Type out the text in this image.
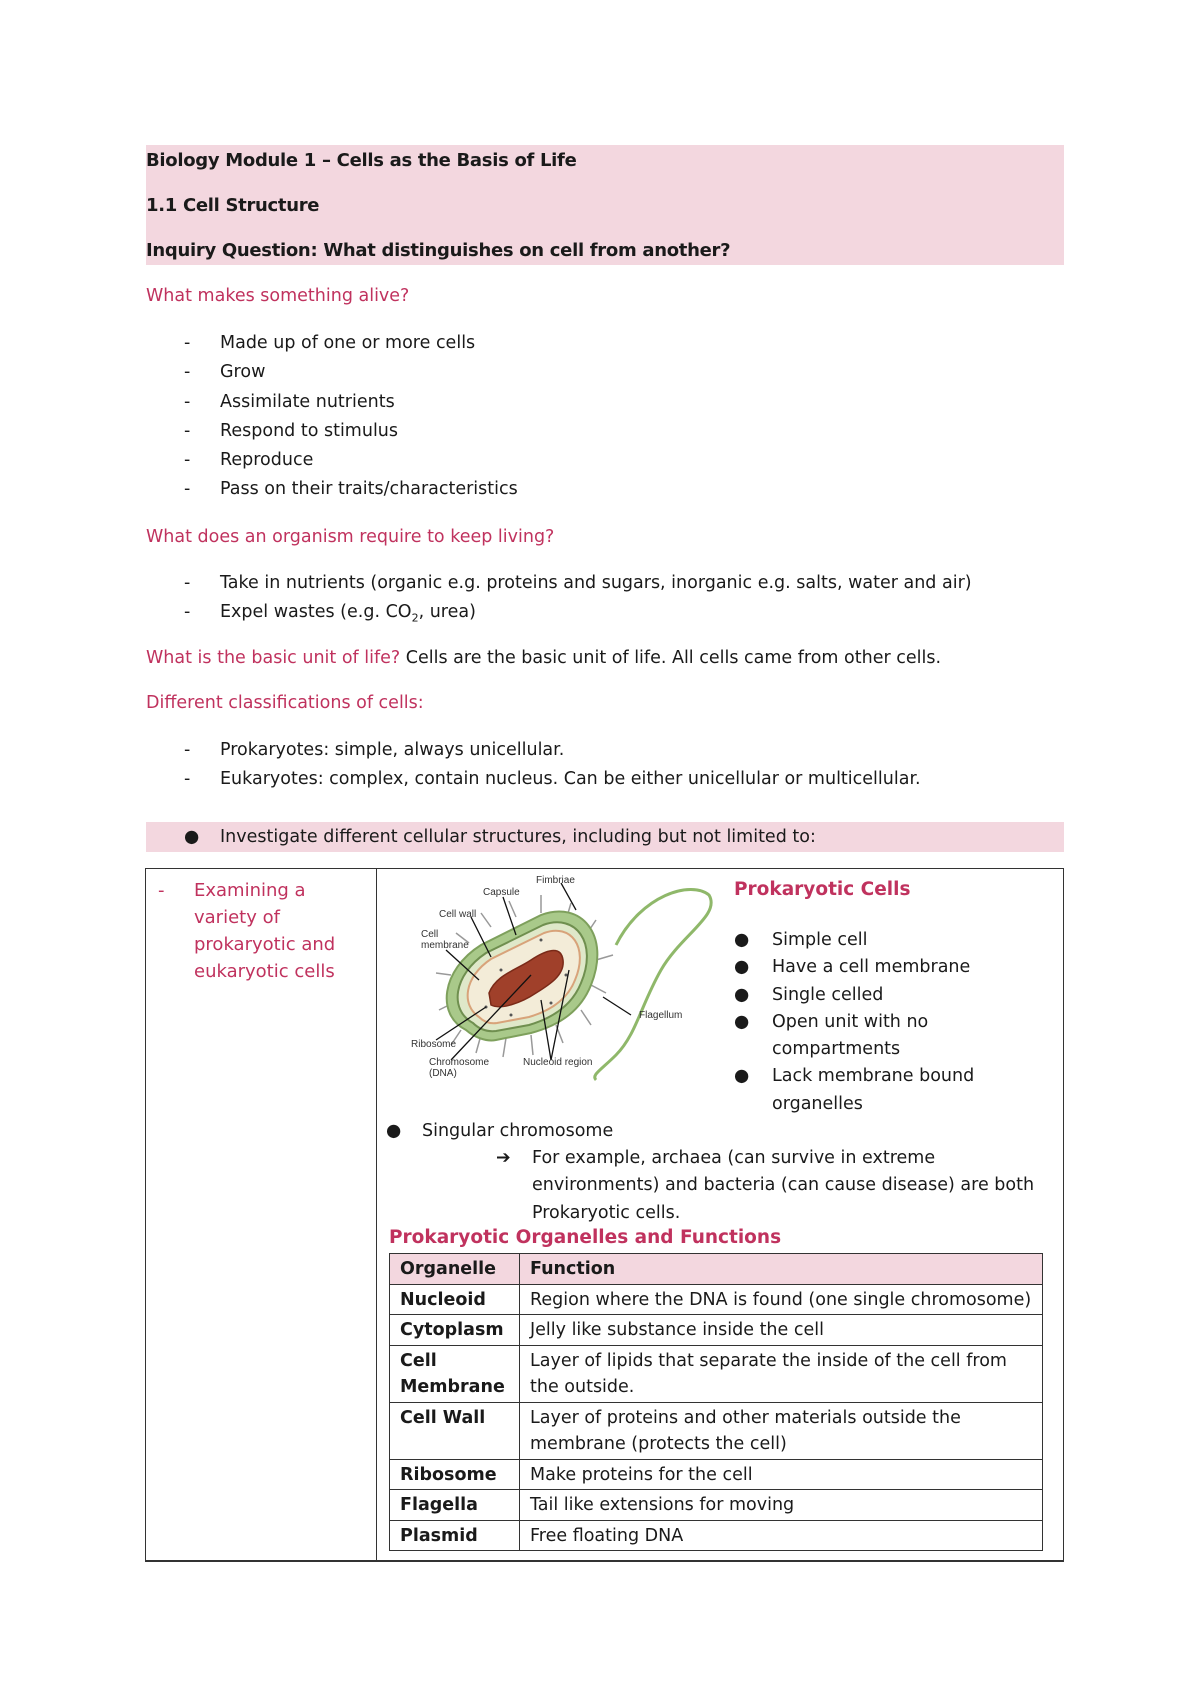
Biology Module 1 – Cells as the Basis of Life
1.1 Cell Structure
Inquiry Question: What distinguishes on cell from another?
What makes something alive?
- Made up of one or more cells
- Grow
- Assimilate nutrients
- Respond to stimulus
- Reproduce
- Pass on their traits/characteristics
What does an organism require to keep living?
- Take in nutrients (organic e.g. proteins and sugars, inorganic e.g. salts, water and air)
- Expel wastes (e.g. $CO_2$, urea)
What is the basic unit of life? Cells are the basic unit of life. All cells came from other cells.
Different classifications of cells:
- Prokaryotes: simple, always unicellular.
- Eukaryotes: complex, contain nucleus. Can be either unicellular or multicellular.
● Investigate different cellular structures, including but not limited to:
- Examining a variety of prokaryotic and eukaryotic cells
Fimbriae
Capsule
Cell wall
Cell
membrane
Flagellum
Ribosome
Chromosome
(DNA)
Nucleoid region
Prokaryotic Cells
● Simple cell
● Have a cell membrane
● Single celled
● Open unit with no compartments
● Lack membrane bound organelles
● Singular chromosome
➔ For example, archaea (can survive in extreme environments) and bacteria (can cause disease) are both Prokaryotic cells.
Prokaryotic Organelles and Functions
Organelle	Function
Nucleoid	Region where the DNA is found (one single chromosome)
Cytoplasm	Jelly like substance inside the cell
Cell Membrane	Layer of lipids that separate the inside of the cell from the outside.
Cell Wall	Layer of proteins and other materials outside the membrane (protects the cell)
Ribosome	Make proteins for the cell
Flagella	Tail like extensions for moving
Plasmid	Free floating DNA
